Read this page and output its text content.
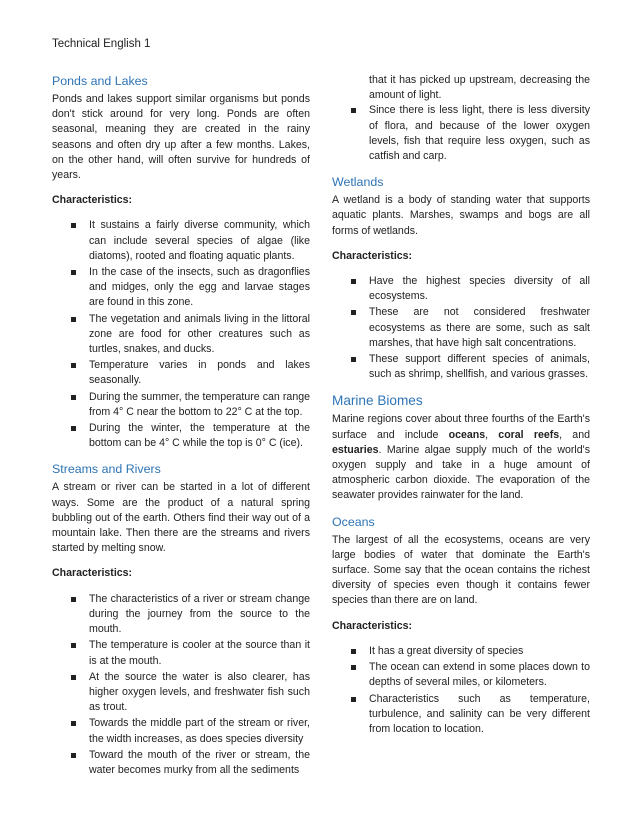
Technical English 1
Ponds and Lakes

Ponds and lakes support similar organisms but ponds don't stick around for very long. Ponds are often seasonal, meaning they are created in the rainy seasons and often dry up after a few months. Lakes, on the other hand, will often survive for hundreds of years.

Characteristics:
It sustains a fairly diverse community, which can include several species of algae (like diatoms), rooted and floating aquatic plants.
In the case of the insects, such as dragonflies and midges, only the egg and larvae stages are found in this zone.
The vegetation and animals living in the littoral zone are food for other creatures such as turtles, snakes, and ducks.
Temperature varies in ponds and lakes seasonally.
During the summer, the temperature can range from 4° C near the bottom to 22° C at the top.
During the winter, the temperature at the bottom can be 4° C while the top is 0° C (ice).
Streams and Rivers

A stream or river can be started in a lot of different ways. Some are the product of a natural spring bubbling out of the earth. Others find their way out of a mountain lake. Then there are the streams and rivers started by melting snow.

Characteristics:
The characteristics of a river or stream change during the journey from the source to the mouth.
The temperature is cooler at the source than it is at the mouth.
At the source the water is also clearer, has higher oxygen levels, and freshwater fish such as trout.
Towards the middle part of the stream or river, the width increases, as does species diversity
Toward the mouth of the river or stream, the water becomes murky from all the sediments
that it has picked up upstream, decreasing the amount of light.
Since there is less light, there is less diversity of flora, and because of the lower oxygen levels, fish that require less oxygen, such as catfish and carp.
Wetlands

A wetland is a body of standing water that supports aquatic plants. Marshes, swamps and bogs are all forms of wetlands.

Characteristics:
Have the highest species diversity of all ecosystems.
These are not considered freshwater ecosystems as there are some, such as salt marshes, that have high salt concentrations.
These support different species of animals, such as shrimp, shellfish, and various grasses.
Marine Biomes

Marine regions cover about three fourths of the Earth's surface and include oceans, coral reefs, and estuaries. Marine algae supply much of the world's oxygen supply and take in a huge amount of atmospheric carbon dioxide. The evaporation of the seawater provides rainwater for the land.

Oceans

The largest of all the ecosystems, oceans are very large bodies of water that dominate the Earth's surface. Some say that the ocean contains the richest diversity of species even though it contains fewer species than there are on land.

Characteristics:
It has a great diversity of species
The ocean can extend in some places down to depths of several miles, or kilometers.
Characteristics such as temperature, turbulence, and salinity can be very different from location to location.
